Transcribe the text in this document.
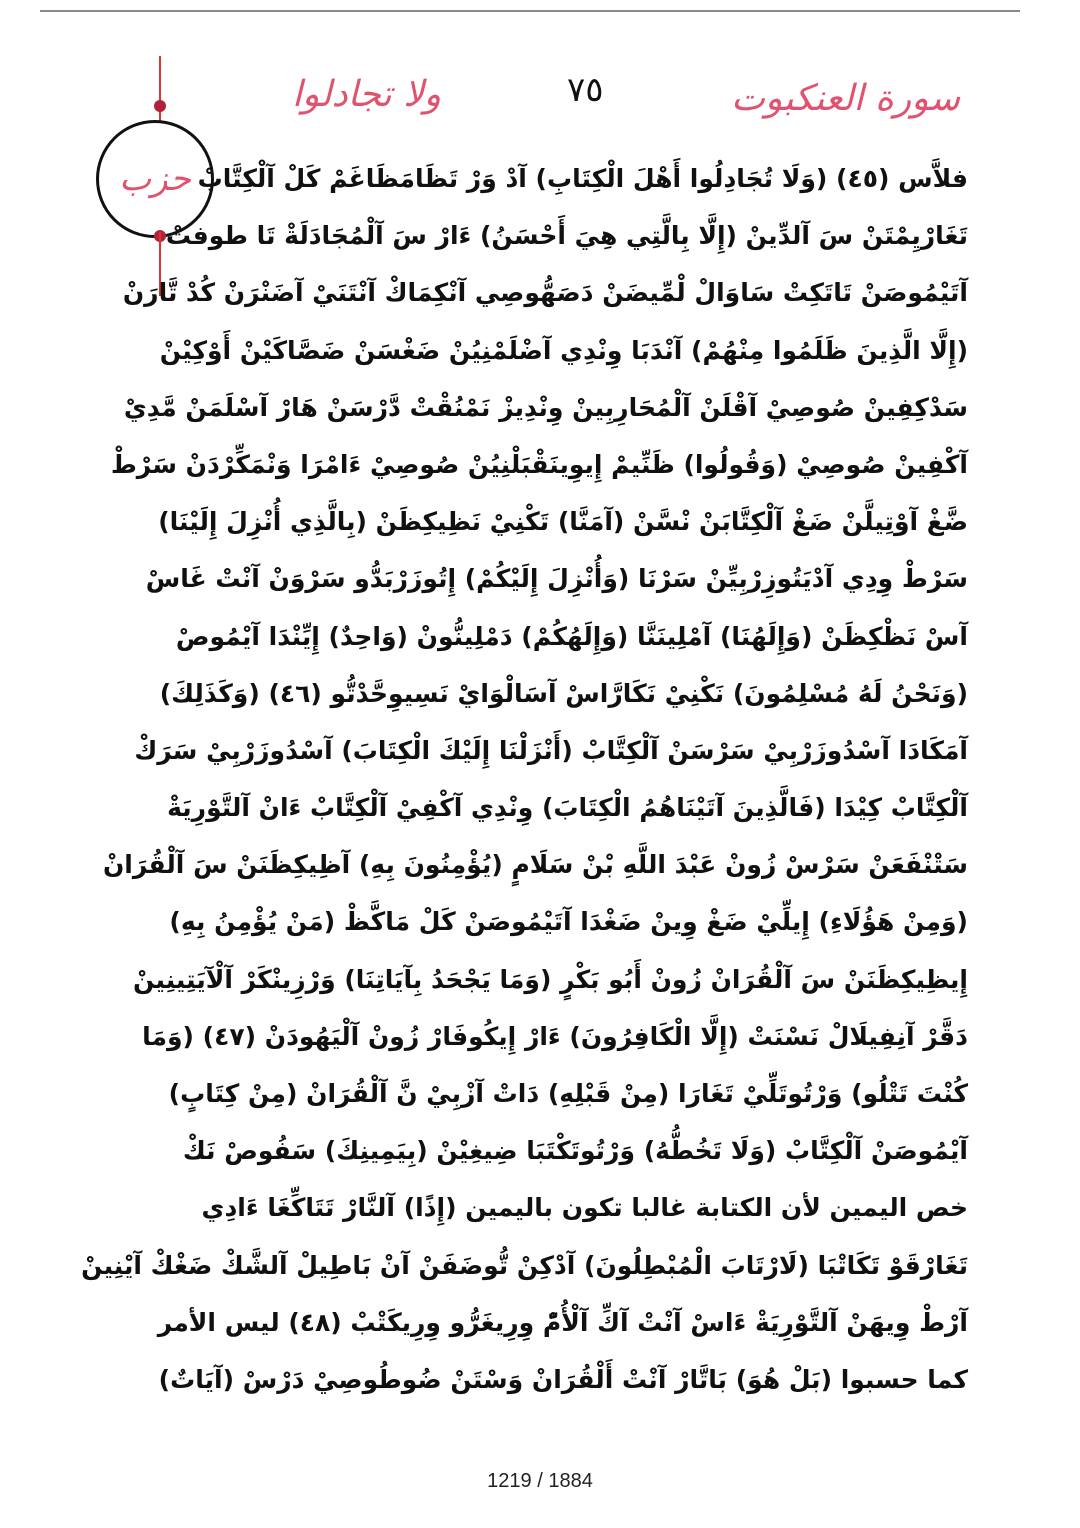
سورة العنكبوت
٧٥
ولا تجادلوا
حزب فلاَّس (٤٥) (وَلَا تُجَادِلُوا أَهْلَ الْكِتَابِ) آدْ وَرْ تَظَامَظَاغَمْ كَلْ آلْكِتَّابْ
تَغَارْيِمْتَنْ سَ آلدِّينْ (إِلَّا بِالَّتِي هِيَ أَحْسَنُ) ءَارْ سَ آلْمُجَادَلَةْ تَا طوفتْ
آتَيْمُوصَنْ تَاتَكِتْ سَاوَالْ لْمِّيضَنْ دَصَهُّوصِي آنْكِمَاكْ آنْتَنَيْ آضَنْرَنْ كُدْ تَّارَنْ
(إِلَّا الَّذِينَ ظَلَمُوا مِنْهُمْ) آنْدَبَا وِنْدِي آضْلَمْنِيُنْ ضَغْسَنْ ضَصَّاكَيْنْ أَوْكِيْنْ
سَدْكِفِينْ صُوصِيْ آقْلَنْ آلْمُحَارِبِينْ وِنْدِيزْ نَمْنُقْتْ دَّرْسَنْ هَارْ آسْلَمَنْ مَّدِيْ
آكْفِينْ صُوصِيْ (وَقُولُوا) ظَنِّيمْ إِيوِينَقْبَلْنِيُنْ صُوصِيْ ءَامْرَا وَنْمَكِّرْدَنْ سَرْطْ
ضَّغْ آوْتِيلَّنْ ضَغْ آلْكِتَّابَنْ نْسَّنْ (آمَنَّا) تَكْنِيْ نَظِيكِظَنْ (بِالَّذِي أُنْزِلَ إِلَيْنَا)
سَرْطْ وِدِي آدْيَتُوزِرْبِيِّنْ سَرْنَا (وَأُنْزِلَ إِلَيْكُمْ) إِتُوزَرْبَدُّو سَرْوَنْ آنْتْ غَاسْ
آسْ نَظْكِظَنْ (وَإِلَهُنَا) آمْلِينَنَّا (وَإِلَهُكُمْ) دَمْلِينُّونْ (وَاحِدٌ) إِيِّنْدَا آيْمُوصْ
(وَنَحْنُ لَهُ مُسْلِمُونَ) نَكْنِيْ نَكَارَّاسْ آسَالْوَايْ نَسِيوِحَّدْتُّو (٤٦) (وَكَذَلِكَ)
آمَكَادَا آسْدُوزَرْبِيْ سَرْسَنْ آلْكِتَّابْ (أَنْزَلْنَا إِلَيْكَ الْكِتَابَ) آسْدُوزَرْبِيْ سَرَكْ
آلْكِتَّابْ كِيْدَا (فَالَّذِينَ آتَيْنَاهُمُ الْكِتَابَ) وِنْدِي آكْفِيْ آلْكِتَّابْ ءَانْ آلتَّوْرِيَةْ
سَتْنْفَعَنْ سَرْسْ زُونْ عَبْدَ اللَّهِ بْنْ سَلَامٍ (يُؤْمِنُونَ بِهِ) آظِيكِظَنَنْ سَ آلْقُرَانْ
(وَمِنْ هَؤُلَاءِ) إِيلِّيْ ضَغْ وِينْ ضَغْدَا آتَيْمُوصَنْ كَلْ مَاكَّظْ (مَنْ يُؤْمِنُ بِهِ)
إِيظِيكِظَنَنْ سَ آلْقُرَانْ زُونْ أَبُو بَكْرٍ (وَمَا يَجْحَدُ بِآيَاتِنَا) وَرْزِينْكَرْ آلْآيَتِينِينْ
دَقَّرْ آنِفِيلَالْ نَسْنَتْ (إِلَّا الْكَافِرُونَ) ءَارْ إِيكُوفَارْ زُونْ آلْيَهُودَنْ (٤٧) (وَمَا
كُنْتَ تَتْلُو) وَرْتُوتَلِّيْ تَغَارَا (مِنْ قَبْلِهِ) دَاتْ آزْبِيْ نَّ آلْقُرَانْ (مِنْ كِتَابٍ)
آيْمُوصَنْ آلْكِتَّابْ (وَلَا تَخُطُّهُ) وَرْتُوتَكْتَبَا ضِيغِيْنْ (بِيَمِينِكَ) سَفُوصْ نَكْ
خص اليمين لأن الكتابة غالبا تكون باليمين (إِذًا) آلنَّارْ تَتَاكِّغَا ءَادِي
تَغَارْقَوْ تَكَاتْبَا (لَارْتَابَ الْمُبْطِلُونَ) آدْكِنْ تُّوضَفَنْ آنْ بَاطِيلْ آلشَّكْ ضَغْكْ آيْنِينْ
آرْطْ وِيهَنْ آلتَّوْرِيَةْ ءَاسْ آنْتْ آكِّ آلْأُمّْ وِرِيغَرُّو وِرِيكَتْبْ (٤٨) ليس الأمر
كما حسبوا (بَلْ هُوَ) بَاتَّارْ آنْتْ أَلْقُرَانْ وَسْتَنْ ضُوطُوصِيْ دَرْسْ (آيَاتٌ)
1219 / 1884
